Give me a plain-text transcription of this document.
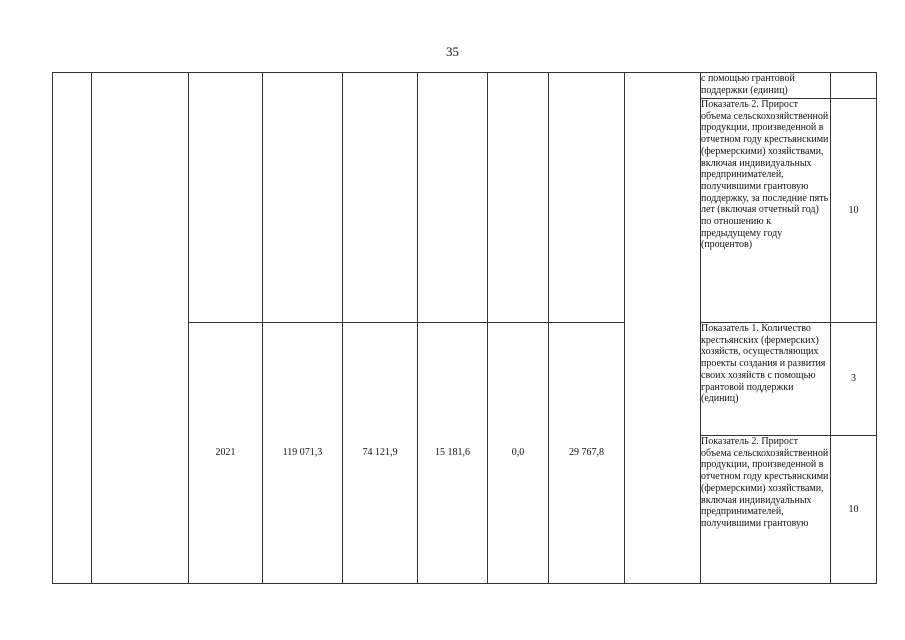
35

									с помощью грантовой поддержки (единиц)	

									Показатель 2. Прирост объема сельскохозяйственной продукции, произведенной в отчетном году крестьянскими (фермерскими) хозяйствами, включая индивидуальных предпринимателей, получившими грантовую поддержку, за последние пять лет (включая отчетный год) по отношению к предыдущему году (процентов)	10
		2021	119 071,3	74 121,9	15 181,6	0,0	29 767,8		Показатель 1. Количество крестьянских (фермерских) хозяйств, осуществляющих проекты создания и развития своих хозяйств с помощью грантовой поддержки (единиц)	3

									Показатель 2. Прирост объема сельскохозяйственной продукции, произведенной в отчетном году крестьянскими (фермерскими) хозяйствами, включая индивидуальных предпринимателей, получившими грантовую	10
